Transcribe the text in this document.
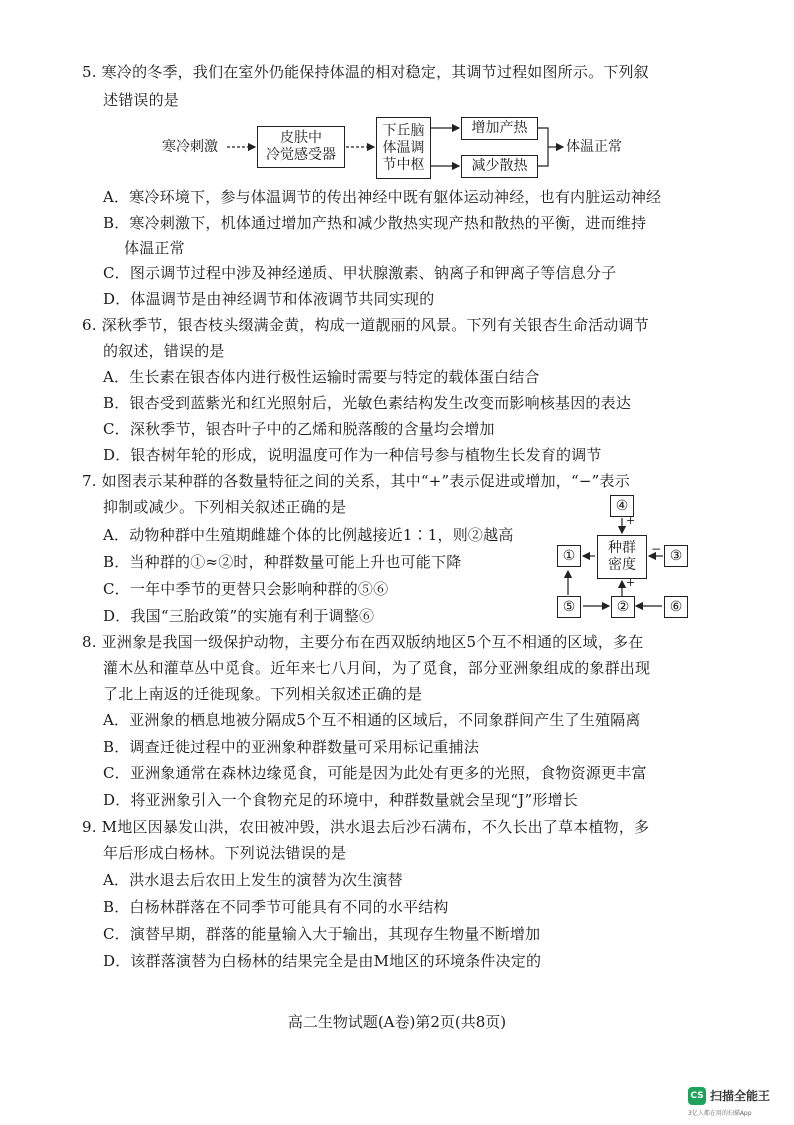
5. 寒冷的冬季，我们在室外仍能保持体温的相对稳定，其调节过程如图所示。下列叙
述错误的是
寒冷刺激
皮肤中
冷觉感受器
下丘脑
体温调
节中枢
增加产热
减少散热
体温正常
A．寒冷环境下，参与体温调节的传出神经中既有躯体运动神经，也有内脏运动神经
B．寒冷刺激下，机体通过增加产热和减少散热实现产热和散热的平衡，进而维持
体温正常
C．图示调节过程中涉及神经递质、甲状腺激素、钠离子和钾离子等信息分子
D．体温调节是由神经调节和体液调节共同实现的
6. 深秋季节，银杏枝头缀满金黄，构成一道靓丽的风景。下列有关银杏生命活动调节
的叙述，错误的是
A．生长素在银杏体内进行极性运输时需要与特定的载体蛋白结合
B．银杏受到蓝紫光和红光照射后，光敏色素结构发生改变而影响核基因的表达
C．深秋季节，银杏叶子中的乙烯和脱落酸的含量均会增加
D．银杏树年轮的形成，说明温度可作为一种信号参与植物生长发育的调节
7. 如图表示某种群的各数量特征之间的关系，其中“+”表示促进或增加，“−”表示
抑制或减少。下列相关叙述正确的是
A．动物种群中生殖期雌雄个体的比例越接近1∶1，则②越高
B．当种群的①≈②时，种群数量可能上升也可能下降
C．一年中季节的更替只会影响种群的⑤⑥
D．我国“三胎政策”的实施有利于调整⑥
④
种群
密度
①	③
⑤	②	⑥
+
−
+
8. 亚洲象是我国一级保护动物，主要分布在西双版纳地区5个互不相通的区域，多在
灌木丛和灌草丛中觅食。近年来七八月间，为了觅食，部分亚洲象组成的象群出现
了北上南返的迁徙现象。下列相关叙述正确的是
A．亚洲象的栖息地被分隔成5个互不相通的区域后，不同象群间产生了生殖隔离
B．调查迁徙过程中的亚洲象种群数量可采用标记重捕法
C．亚洲象通常在森林边缘觅食，可能是因为此处有更多的光照，食物资源更丰富
D．将亚洲象引入一个食物充足的环境中，种群数量就会呈现“J”形增长
9. M地区因暴发山洪，农田被冲毁，洪水退去后沙石满布，不久长出了草本植物，多
年后形成白杨林。下列说法错误的是
A．洪水退去后农田上发生的演替为次生演替
B．白杨林群落在不同季节可能具有不同的水平结构
C．演替早期，群落的能量输入大于输出，其现存生物量不断增加
D．该群落演替为白杨林的结果完全是由M地区的环境条件决定的
高二生物试题(A卷)第2页(共8页)
CS 扫描全能王
3亿人都在用的扫描App
